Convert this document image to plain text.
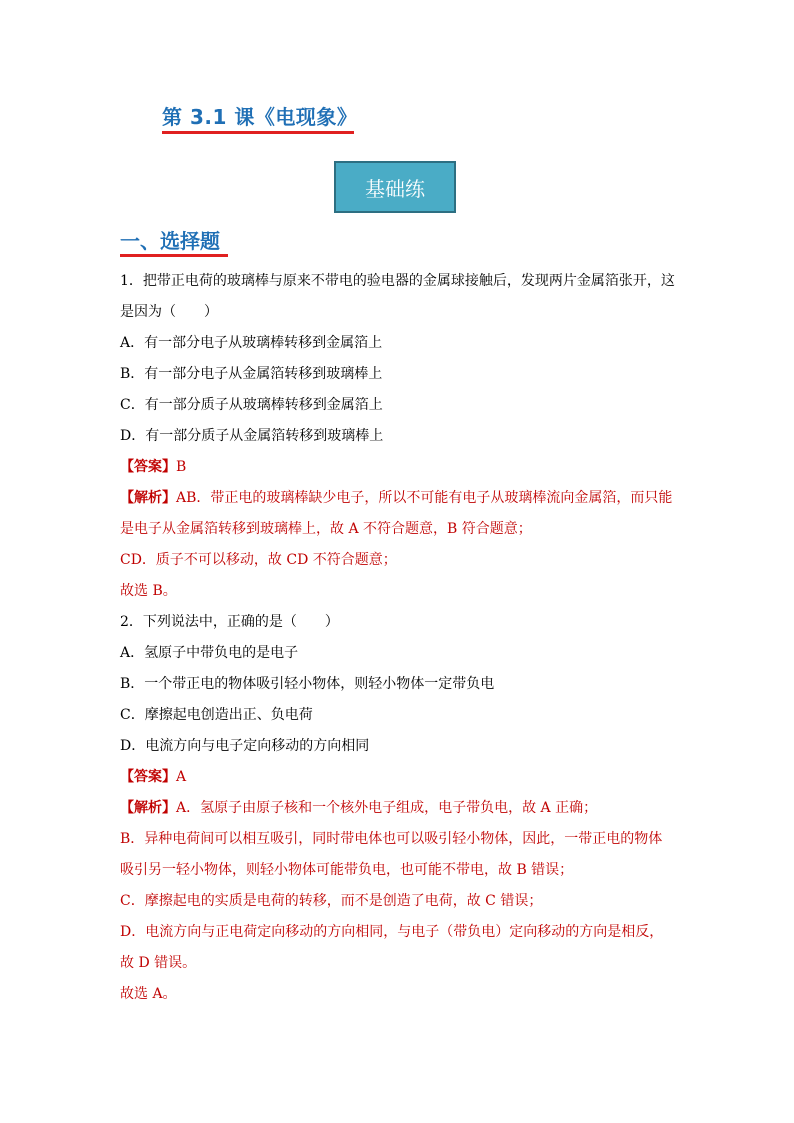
第 3.1 课《电现象》
基础练
一、选择题
1．把带正电荷的玻璃棒与原来不带电的验电器的金属球接触后，发现两片金属箔张开，这
是因为（　　）
A．有一部分电子从玻璃棒转移到金属箔上
B．有一部分电子从金属箔转移到玻璃棒上
C．有一部分质子从玻璃棒转移到金属箔上
D．有一部分质子从金属箔转移到玻璃棒上
【答案】B
【解析】AB．带正电的玻璃棒缺少电子，所以不可能有电子从玻璃棒流向金属箔，而只能
是电子从金属箔转移到玻璃棒上，故 A 不符合题意，B 符合题意；
CD．质子不可以移动，故 CD 不符合题意；
故选 B。
2．下列说法中，正确的是（　　）
A．氢原子中带负电的是电子
B．一个带正电的物体吸引轻小物体，则轻小物体一定带负电
C．摩擦起电创造出正、负电荷
D．电流方向与电子定向移动的方向相同
【答案】A
【解析】A．氢原子由原子核和一个核外电子组成，电子带负电，故 A 正确；
B．异种电荷间可以相互吸引，同时带电体也可以吸引轻小物体，因此，一带正电的物体
吸引另一轻小物体，则轻小物体可能带负电，也可能不带电，故 B 错误；
C．摩擦起电的实质是电荷的转移，而不是创造了电荷，故 C 错误；
D．电流方向与正电荷定向移动的方向相同，与电子（带负电）定向移动的方向是相反，
故 D 错误。
故选 A。
